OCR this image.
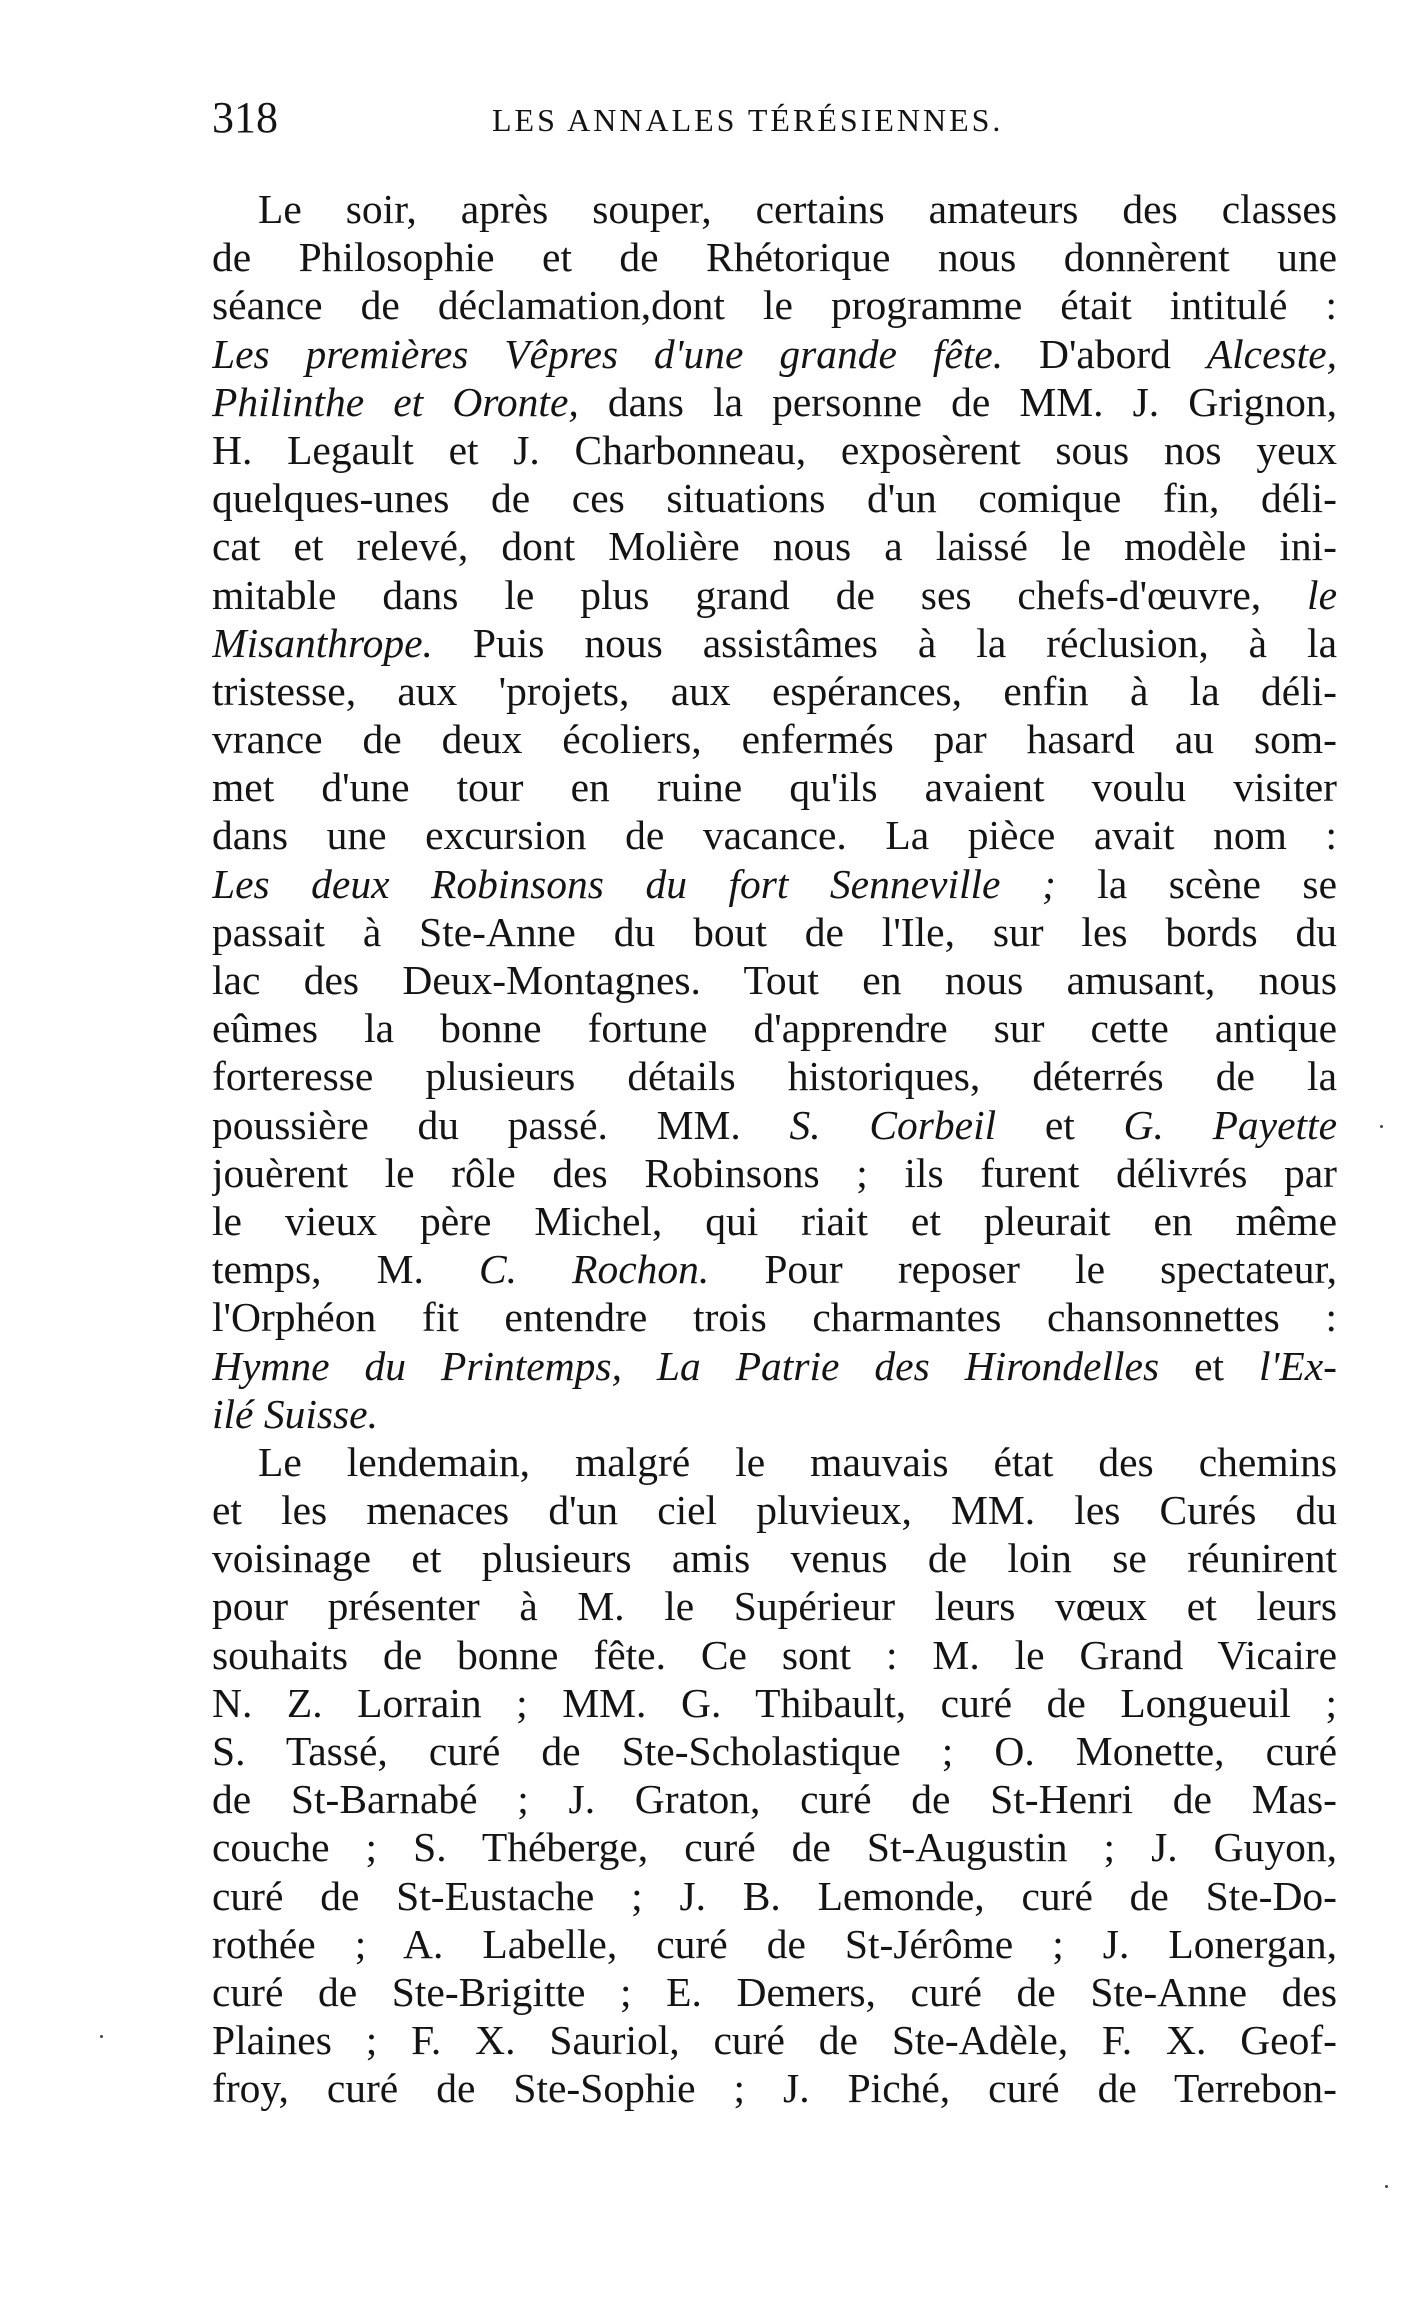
318	LES ANNALES TÉRÉSIENNES.
Le soir, après souper, certains amateurs des classes
de Philosophie et de Rhétorique nous donnèrent une
séance de déclamation,dont le programme était intitulé :
Les premières Vêpres d'une grande fête. D'abord Alceste,
Philinthe et Oronte, dans la personne de MM. J. Grignon,
H. Legault et J. Charbonneau, exposèrent sous nos yeux
quelques-unes de ces situations d'un comique fin, déli-
cat et relevé, dont Molière nous a laissé le modèle ini-
mitable dans le plus grand de ses chefs-d'œuvre, le
Misanthrope. Puis nous assistâmes à la réclusion, à la
tristesse, aux 'projets, aux espérances, enfin à la déli-
vrance de deux écoliers, enfermés par hasard au som-
met d'une tour en ruine qu'ils avaient voulu visiter
dans une excursion de vacance. La pièce avait nom :
Les deux Robinsons du fort Senneville ; la scène se
passait à Ste-Anne du bout de l'Ile, sur les bords du
lac des Deux-Montagnes. Tout en nous amusant, nous
eûmes la bonne fortune d'apprendre sur cette antique
forteresse plusieurs détails historiques, déterrés de la
poussière du passé. MM. S. Corbeil et G. Payette
jouèrent le rôle des Robinsons ; ils furent délivrés par
le vieux père Michel, qui riait et pleurait en même
temps, M. C. Rochon. Pour reposer le spectateur,
l'Orphéon fit entendre trois charmantes chansonnettes :
Hymne du Printemps, La Patrie des Hirondelles et l'Ex-
ilé Suisse.
Le lendemain, malgré le mauvais état des chemins
et les menaces d'un ciel pluvieux, MM. les Curés du
voisinage et plusieurs amis venus de loin se réunirent
pour présenter à M. le Supérieur leurs vœux et leurs
souhaits de bonne fête. Ce sont : M. le Grand Vicaire
N. Z. Lorrain ; MM. G. Thibault, curé de Longueuil ;
S. Tassé, curé de Ste-Scholastique ; O. Monette, curé
de St-Barnabé ; J. Graton, curé de St-Henri de Mas-
couche ; S. Théberge, curé de St-Augustin ; J. Guyon,
curé de St-Eustache ; J. B. Lemonde, curé de Ste-Do-
rothée ; A. Labelle, curé de St-Jérôme ; J. Lonergan,
curé de Ste-Brigitte ; E. Demers, curé de Ste-Anne des
Plaines ; F. X. Sauriol, curé de Ste-Adèle, F. X. Geof-
froy, curé de Ste-Sophie ; J. Piché, curé de Terrebon-
